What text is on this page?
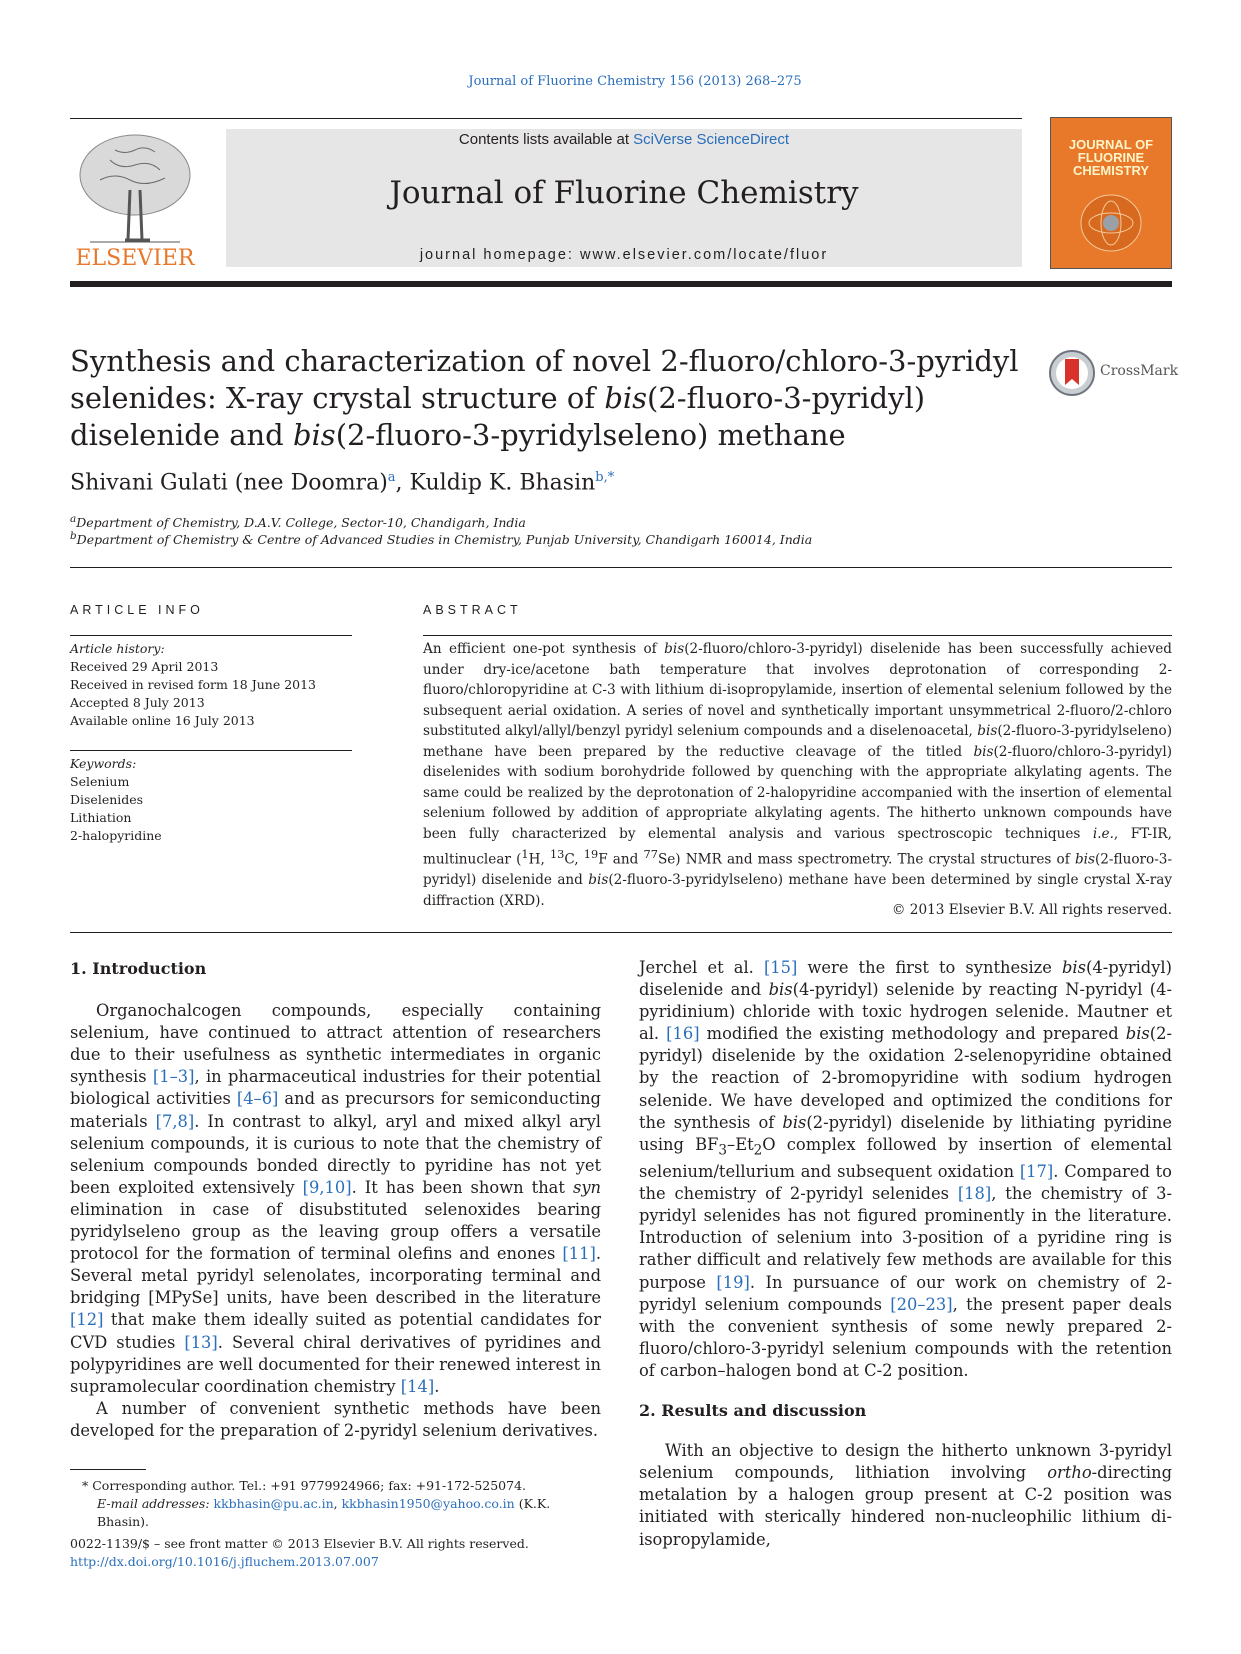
Journal of Fluorine Chemistry 156 (2013) 268–275
ELSEVIER
Contents lists available at SciVerse ScienceDirect
Journal of Fluorine Chemistry
journal homepage: www.elsevier.com/locate/fluor
JOURNAL OF FLUORINE CHEMISTRY
Synthesis and characterization of novel 2-fluoro/chloro-3-pyridyl selenides: X-ray crystal structure of bis(2-fluoro-3-pyridyl) diselenide and bis(2-fluoro-3-pyridylseleno) methane
CrossMark
Shivani Gulati (nee Doomra)$^a$, Kuldip K. Bhasin$^{b,*}$
$^a$Department of Chemistry, D.A.V. College, Sector-10, Chandigarh, India
$^b$Department of Chemistry & Centre of Advanced Studies in Chemistry, Punjab University, Chandigarh 160014, India
ARTICLE INFO
Article history:
Received 29 April 2013
Received in revised form 18 June 2013
Accepted 8 July 2013
Available online 16 July 2013
Keywords:
Selenium
Diselenides
Lithiation
2-halopyridine
ABSTRACT
An efficient one-pot synthesis of bis(2-fluoro/chloro-3-pyridyl) diselenide has been successfully achieved under dry-ice/acetone bath temperature that involves deprotonation of corresponding 2-fluoro/chloropyridine at C-3 with lithium di-isopropylamide, insertion of elemental selenium followed by the subsequent aerial oxidation. A series of novel and synthetically important unsymmetrical 2-fluoro/2-chloro substituted alkyl/allyl/benzyl pyridyl selenium compounds and a diselenoacetal, bis(2-fluoro-3-pyridylseleno) methane have been prepared by the reductive cleavage of the titled bis(2-fluoro/chloro-3-pyridyl) diselenides with sodium borohydride followed by quenching with the appropriate alkylating agents. The same could be realized by the deprotonation of 2-halopyridine accompanied with the insertion of elemental selenium followed by addition of appropriate alkylating agents. The hitherto unknown compounds have been fully characterized by elemental analysis and various spectroscopic techniques i.e., FT-IR, multinuclear ($^1$H, $^{13}$C, $^{19}$F and $^{77}$Se) NMR and mass spectrometry. The crystal structures of bis(2-fluoro-3-pyridyl) diselenide and bis(2-fluoro-3-pyridylseleno) methane have been determined by single crystal X-ray diffraction (XRD).
© 2013 Elsevier B.V. All rights reserved.
1. Introduction

Organochalcogen compounds, especially containing selenium, have continued to attract attention of researchers due to their usefulness as synthetic intermediates in organic synthesis [1–3], in pharmaceutical industries for their potential biological activities [4–6] and as precursors for semiconducting materials [7,8]. In contrast to alkyl, aryl and mixed alkyl aryl selenium compounds, it is curious to note that the chemistry of selenium compounds bonded directly to pyridine has not yet been exploited extensively [9,10]. It has been shown that syn elimination in case of disubstituted selenoxides bearing pyridylseleno group as the leaving group offers a versatile protocol for the formation of terminal olefins and enones [11]. Several metal pyridyl selenolates, incorporating terminal and bridging [MPySe] units, have been described in the literature [12] that make them ideally suited as potential candidates for CVD studies [13]. Several chiral derivatives of pyridines and polypyridines are well documented for their renewed interest in supramolecular coordination chemistry [14].

A number of convenient synthetic methods have been developed for the preparation of 2-pyridyl selenium derivatives.

Jerchel et al. [15] were the first to synthesize bis(4-pyridyl) diselenide and bis(4-pyridyl) selenide by reacting N-pyridyl (4-pyridinium) chloride with toxic hydrogen selenide. Mautner et al. [16] modified the existing methodology and prepared bis(2-pyridyl) diselenide by the oxidation 2-selenopyridine obtained by the reaction of 2-bromopyridine with sodium hydrogen selenide. We have developed and optimized the conditions for the synthesis of bis(2-pyridyl) diselenide by lithiating pyridine using $BF_3-Et_2O$ complex followed by insertion of elemental selenium/tellurium and subsequent oxidation [17]. Compared to the chemistry of 2-pyridyl selenides [18], the chemistry of 3-pyridyl selenides has not figured prominently in the literature. Introduction of selenium into 3-position of a pyridine ring is rather difficult and relatively few methods are available for this purpose [19]. In pursuance of our work on chemistry of 2-pyridyl selenium compounds [20–23], the present paper deals with the convenient synthesis of some newly prepared 2-fluoro/chloro-3-pyridyl selenium compounds with the retention of carbon–halogen bond at C-2 position.

2. Results and discussion

With an objective to design the hitherto unknown 3-pyridyl selenium compounds, lithiation involving ortho-directing metalation by a halogen group present at C-2 position was initiated with sterically hindered non-nucleophilic lithium di-isopropylamide,

* Corresponding author. Tel.: +91 9779924966; fax: +91-172-525074.
E-mail addresses: kkbhasin@pu.ac.in, kkbhasin1950@yahoo.co.in (K.K. Bhasin).
0022-1139/$ – see front matter © 2013 Elsevier B.V. All rights reserved.
http://dx.doi.org/10.1016/j.jfluchem.2013.07.007
